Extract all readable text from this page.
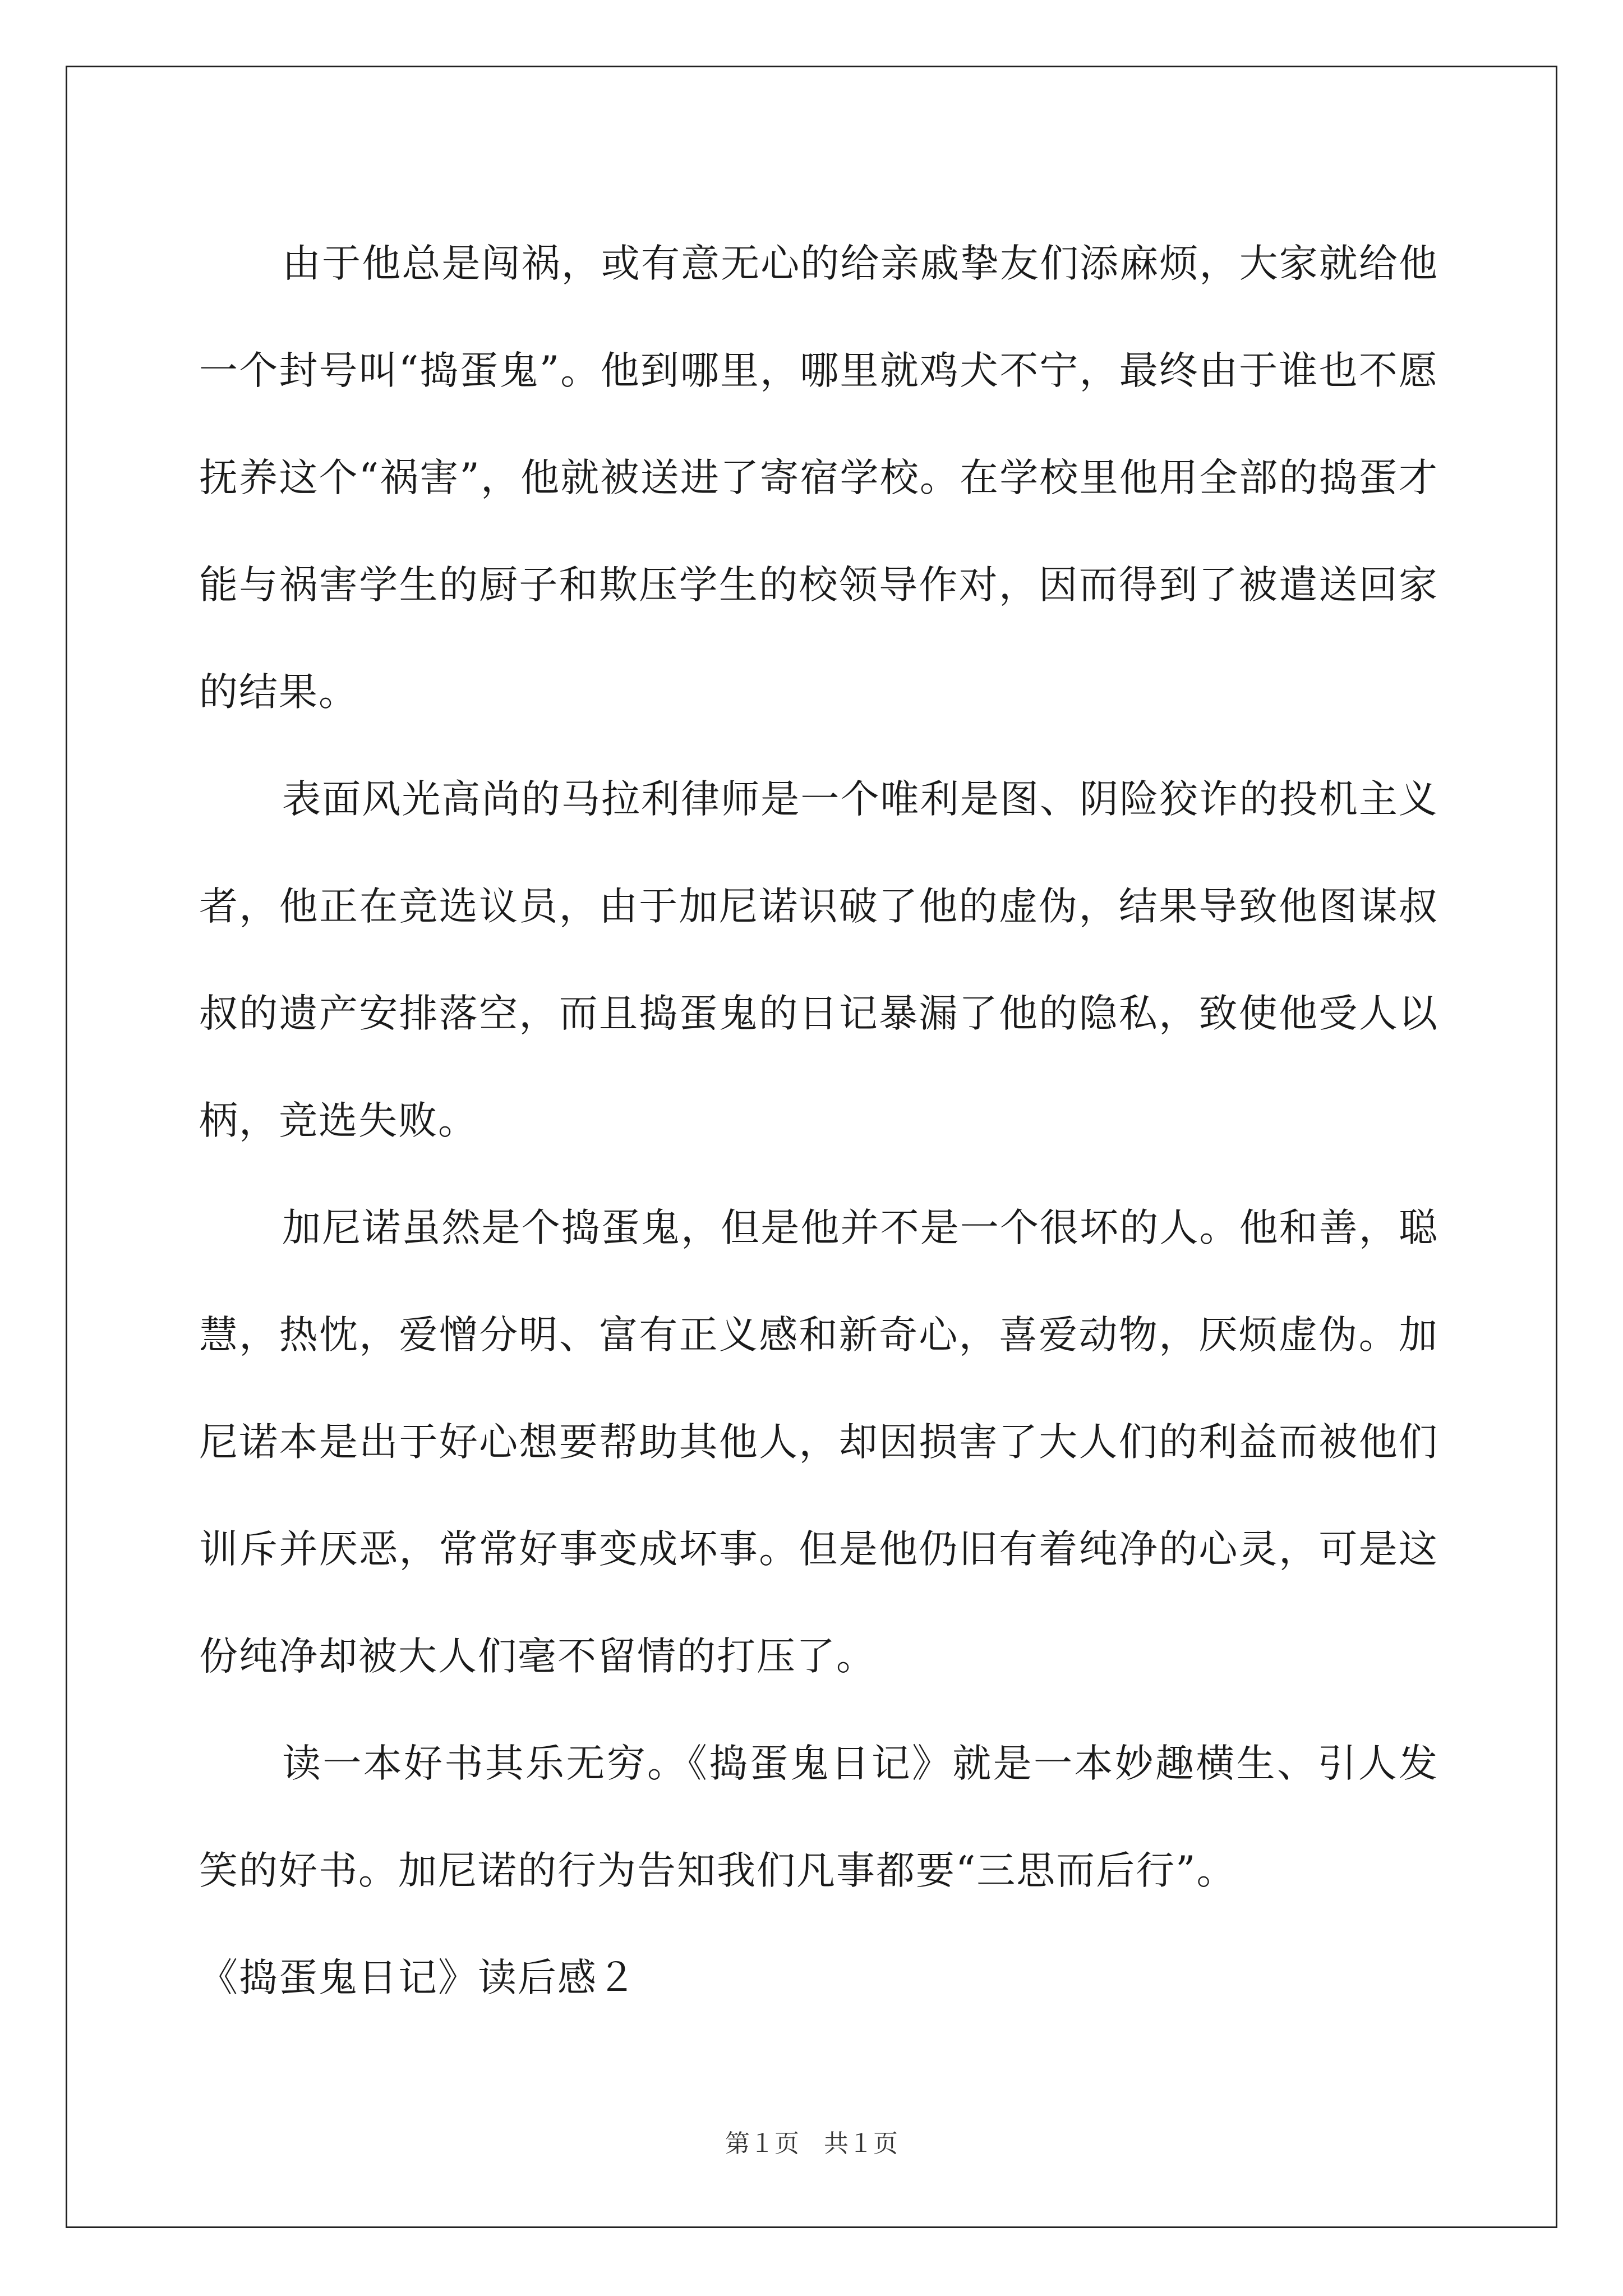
由于他总是闯祸，或有意无心的给亲戚挚友们添麻烦，大家就给他一个封号叫“捣蛋鬼”。他到哪里，哪里就鸡犬不宁，最终由于谁也不愿抚养这个“祸害”，他就被送进了寄宿学校。在学校里他用全部的捣蛋才能与祸害学生的厨子和欺压学生的校领导作对，因而得到了被遣送回家的结果。

表面风光高尚的马拉利律师是一个唯利是图、阴险狡诈的投机主义者，他正在竞选议员，由于加尼诺识破了他的虚伪，结果导致他图谋叔叔的遗产安排落空，而且捣蛋鬼的日记暴漏了他的隐私，致使他受人以柄，竞选失败。

加尼诺虽然是个捣蛋鬼，但是他并不是一个很坏的人。他和善，聪慧，热忱，爱憎分明、富有正义感和新奇心，喜爱动物，厌烦虚伪。加尼诺本是出于好心想要帮助其他人，却因损害了大人们的利益而被他们训斥并厌恶，常常好事变成坏事。但是他仍旧有着纯净的心灵，可是这份纯净却被大人们毫不留情的打压了。

读一本好书其乐无穷。《捣蛋鬼日记》就是一本妙趣横生、引人发笑的好书。加尼诺的行为告知我们凡事都要“三思而后行”。

《捣蛋鬼日记》读后感２

第１页　共１页
